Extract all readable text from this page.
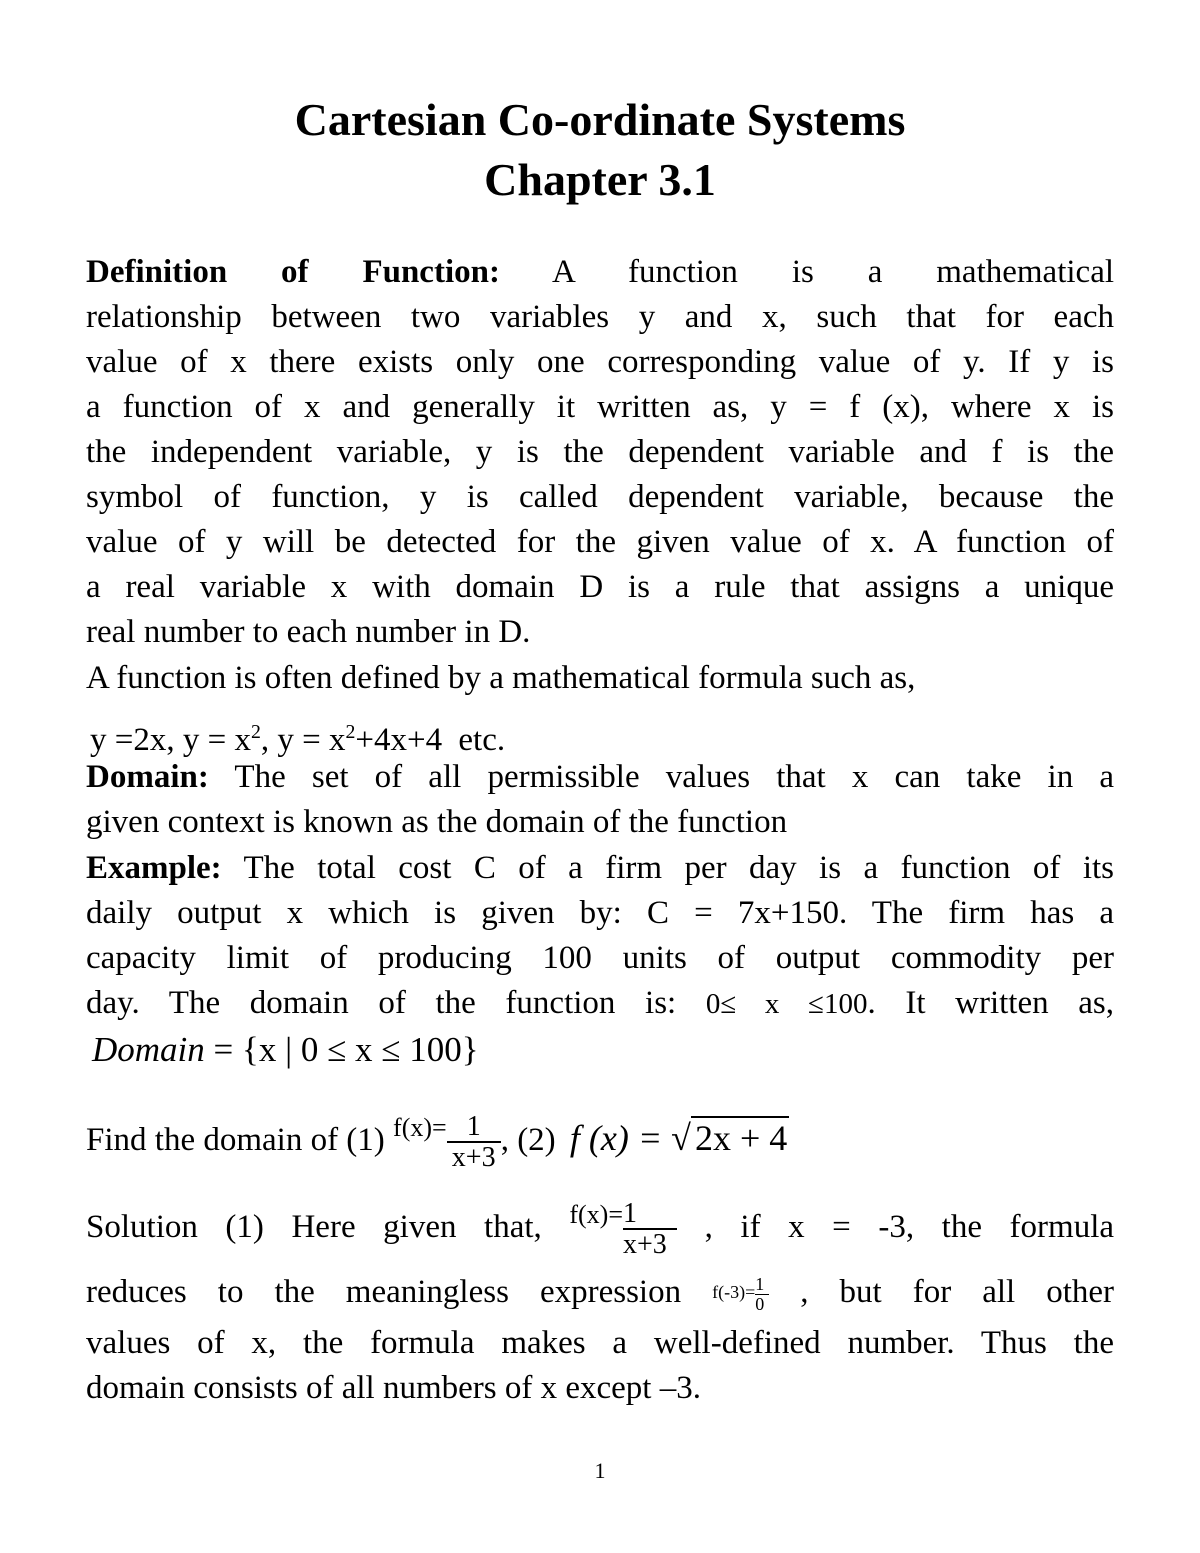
Cartesian Co-ordinate Systems
Chapter 3.1
Definition of Function: A function is a mathematical
relationship between two variables y and x, such that for each
value of x there exists only one corresponding value of y. If y is
a function of x and generally it written as, y = f (x), where x is
the independent variable, y is the dependent variable and f is the
symbol of function, y is called dependent variable, because the
value of y will be detected for the given value of x. A function of
a real variable x with domain D is a rule that assigns a unique
real number to each number in D.
A function is often defined by a mathematical formula such as,
y =2x, $y = x^2$, $y = x^2+4x+4$ etc.
Domain: The set of all permissible values that x can take in a
given context is known as the domain of the function
Example: The total cost C of a firm per day is a function of its
daily output x which is given by: C = 7x+150. The firm has a
capacity limit of producing 100 units of output commodity per
day. The domain of the function is: 0≤ x ≤100. It written as,
Domain = {x | 0 ≤ x ≤ 100}
Find the domain of (1) $^{f(x)=} \frac{1}{x+3}$ , (2) f (x) = √ 2x + 4
Solution (1) Here given that, $^{f(x)=} \frac{1}{x+3}$ , if x = -3, the formula
reduces to the meaningless expression $f(-3)= \frac{1}{0}$ , but for all other
values of x, the formula makes a well-defined number. Thus the
domain consists of all numbers of x except –3.
1
